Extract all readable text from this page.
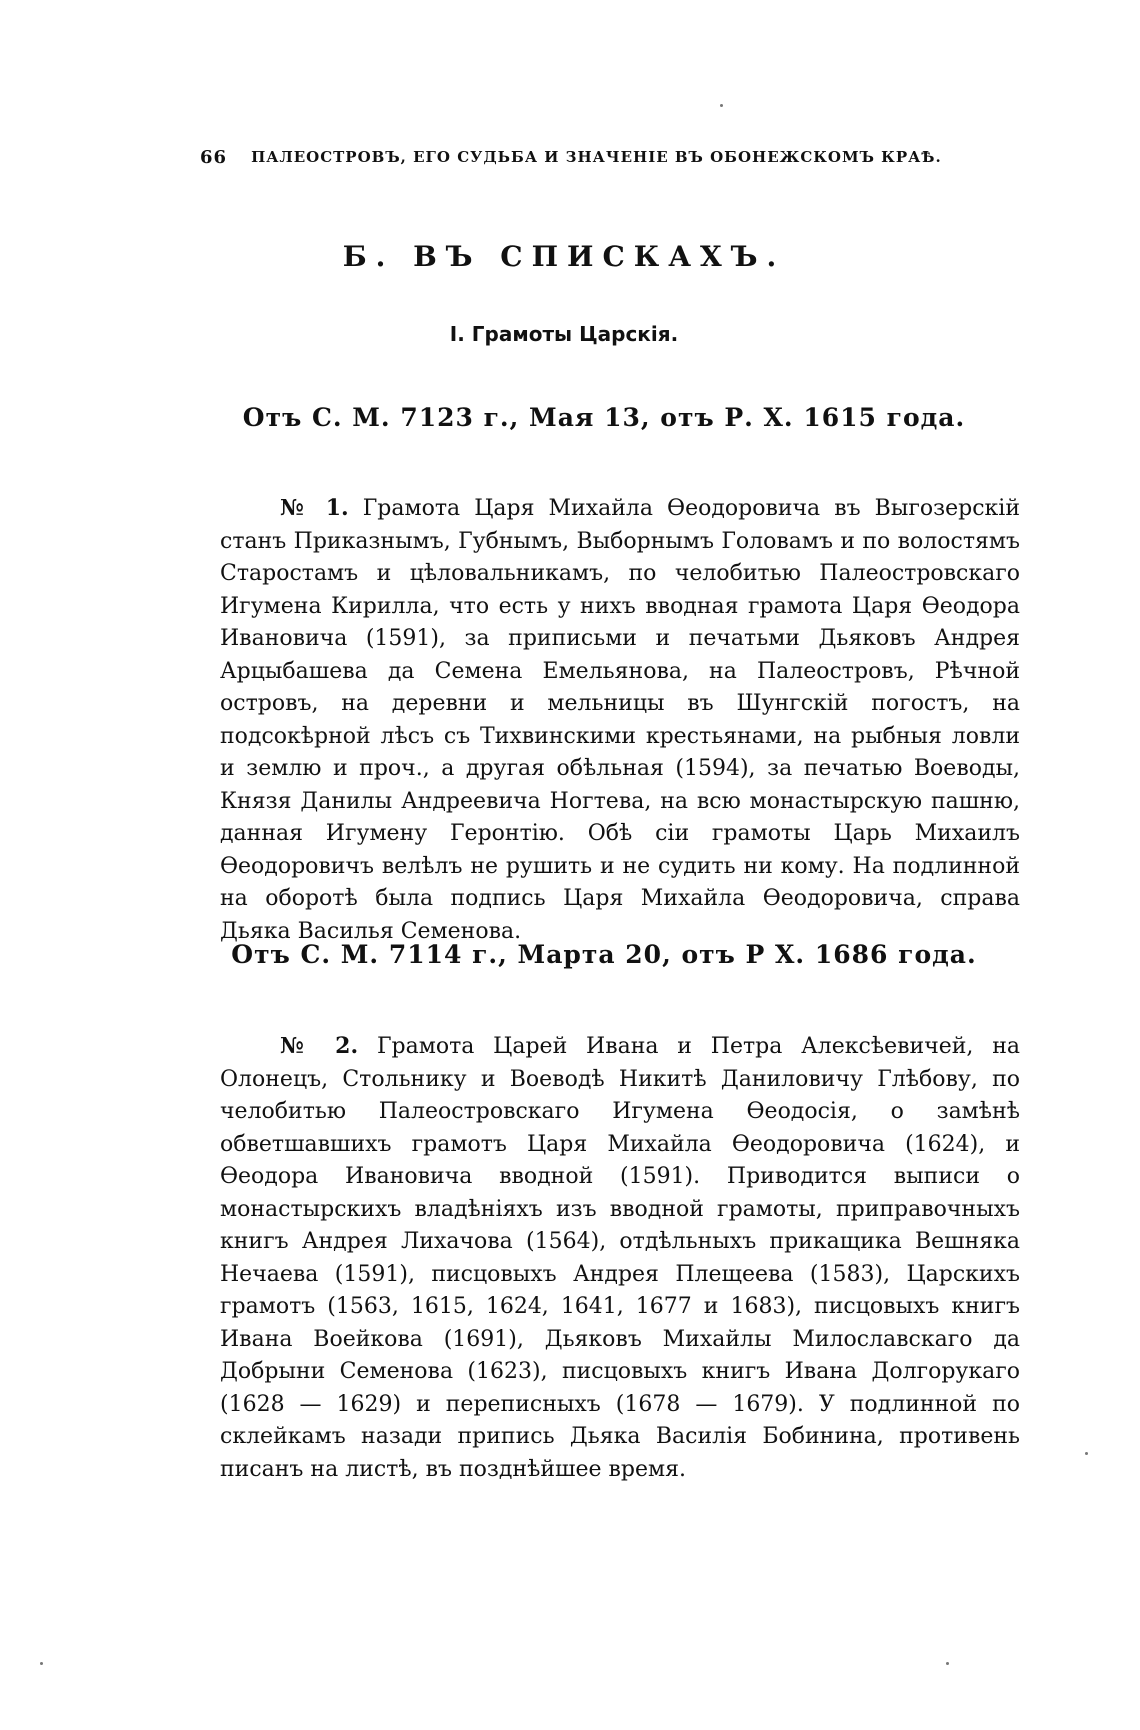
66 ПАЛЕОСТРОВЪ, ЕГО СУДЬБА И ЗНАЧЕНІЕ ВЪ ОБОНЕЖСКОМЪ КРАѢ.
Б. ВЪ СПИСКАХЪ.
I. Грамоты Царскія.
Отъ С. М. 7123 г., Мая 13, отъ Р. Х. 1615 года.

№ 1. Грамота Царя Михайла Өеодоровича въ Выгозерскій станъ Приказнымъ, Губнымъ, Выборнымъ Головамъ и по волостямъ Старостамъ и цѣловальникамъ, по челобитью Палеостровскаго Игумена Кирилла, что есть у нихъ вводная грамота Царя Өеодора Ивановича (1591), за приписьми и печатьми Дьяковъ Андрея Арцыбашева да Семена Емельянова, на Палеостровъ, Рѣчной островъ, на деревни и мельницы въ Шунгскій погостъ, на подсокѣрной лѣсъ съ Тихвинскими крестьянами, на рыбныя ловли и землю и проч., а другая обѣльная (1594), за печатью Воеводы, Князя Данилы Андреевича Ногтева, на всю монастырскую пашню, данная Игумену Геронтію. Обѣ сіи грамоты Царь Михаилъ Өеодоровичъ велѣлъ не рушить и не судить ни кому. На подлинной на оборотѣ была подпись Царя Михайла Өеодоровича, справа Дьяка Василья Семенова.

Отъ С. М. 7114 г., Марта 20, отъ Р Х. 1686 года.

№ 2. Грамота Царей Ивана и Петра Алексѣевичей, на Олонецъ, Стольнику и Воеводѣ Никитѣ Даниловичу Глѣбову, по челобитью Палеостровскаго Игумена Өеодосія, о замѣнѣ обветшавшихъ грамотъ Царя Михайла Өеодоровича (1624), и Өеодора Ивановича вводной (1591). Приводится выписи о монастырскихъ владѣніяхъ изъ вводной грамоты, приправочныхъ книгъ Андрея Лихачова (1564), отдѣльныхъ прикащика Вешняка Нечаева (1591), писцовыхъ Андрея Плещеева (1583), Царскихъ грамотъ (1563, 1615, 1624, 1641, 1677 и 1683), писцовыхъ книгъ Ивана Воейкова (1691), Дьяковъ Михайлы Милославскаго да Добрыни Семенова (1623), писцовыхъ книгъ Ивана Долгорукаго (1628 — 1629) и переписныхъ (1678 — 1679). У подлинной по склейкамъ назади припись Дьяка Василія Бобинина, противень писанъ на листѣ, въ позднѣйшее время.
